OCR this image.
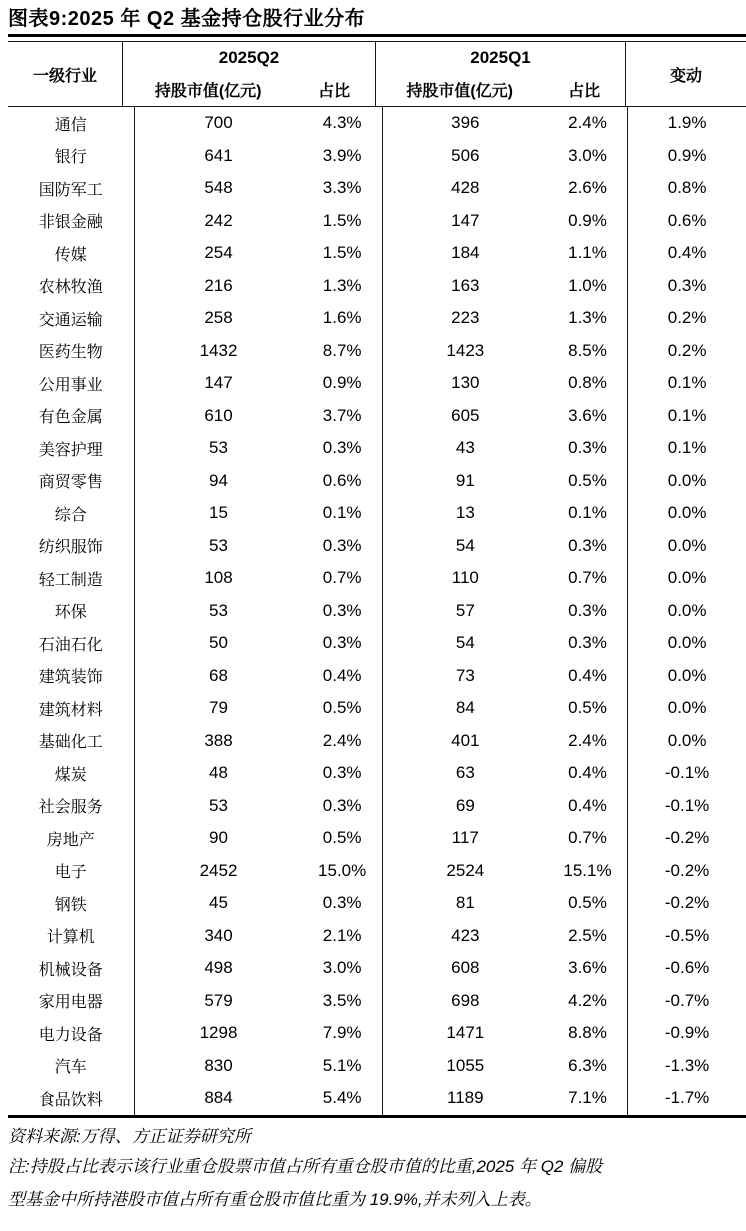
图表9:2025 年 Q2 基金持仓股行业分布
一级行业
2025Q2
持股市值(亿元)	占比
2025Q1
持股市值(亿元)	占比
变动
通信	700	4.3%	396	2.4%	1.9%
银行	641	3.9%	506	3.0%	0.9%
国防军工	548	3.3%	428	2.6%	0.8%
非银金融	242	1.5%	147	0.9%	0.6%
传媒	254	1.5%	184	1.1%	0.4%
农林牧渔	216	1.3%	163	1.0%	0.3%
交通运输	258	1.6%	223	1.3%	0.2%
医药生物	1432	8.7%	1423	8.5%	0.2%
公用事业	147	0.9%	130	0.8%	0.1%
有色金属	610	3.7%	605	3.6%	0.1%
美容护理	53	0.3%	43	0.3%	0.1%
商贸零售	94	0.6%	91	0.5%	0.0%
综合	15	0.1%	13	0.1%	0.0%
纺织服饰	53	0.3%	54	0.3%	0.0%
轻工制造	108	0.7%	110	0.7%	0.0%
环保	53	0.3%	57	0.3%	0.0%
石油石化	50	0.3%	54	0.3%	0.0%
建筑装饰	68	0.4%	73	0.4%	0.0%
建筑材料	79	0.5%	84	0.5%	0.0%
基础化工	388	2.4%	401	2.4%	0.0%
煤炭	48	0.3%	63	0.4%	-0.1%
社会服务	53	0.3%	69	0.4%	-0.1%
房地产	90	0.5%	117	0.7%	-0.2%
电子	2452	15.0%	2524	15.1%	-0.2%
钢铁	45	0.3%	81	0.5%	-0.2%
计算机	340	2.1%	423	2.5%	-0.5%
机械设备	498	3.0%	608	3.6%	-0.6%
家用电器	579	3.5%	698	4.2%	-0.7%
电力设备	1298	7.9%	1471	8.8%	-0.9%
汽车	830	5.1%	1055	6.3%	-1.3%
食品饮料	884	5.4%	1189	7.1%	-1.7%
资料来源:万得、方正证券研究所
注:持股占比表示该行业重仓股票市值占所有重仓股市值的比重,2025 年 Q2 偏股
型基金中所持港股市值占所有重仓股市值比重为 19.9%,并未列入上表。
